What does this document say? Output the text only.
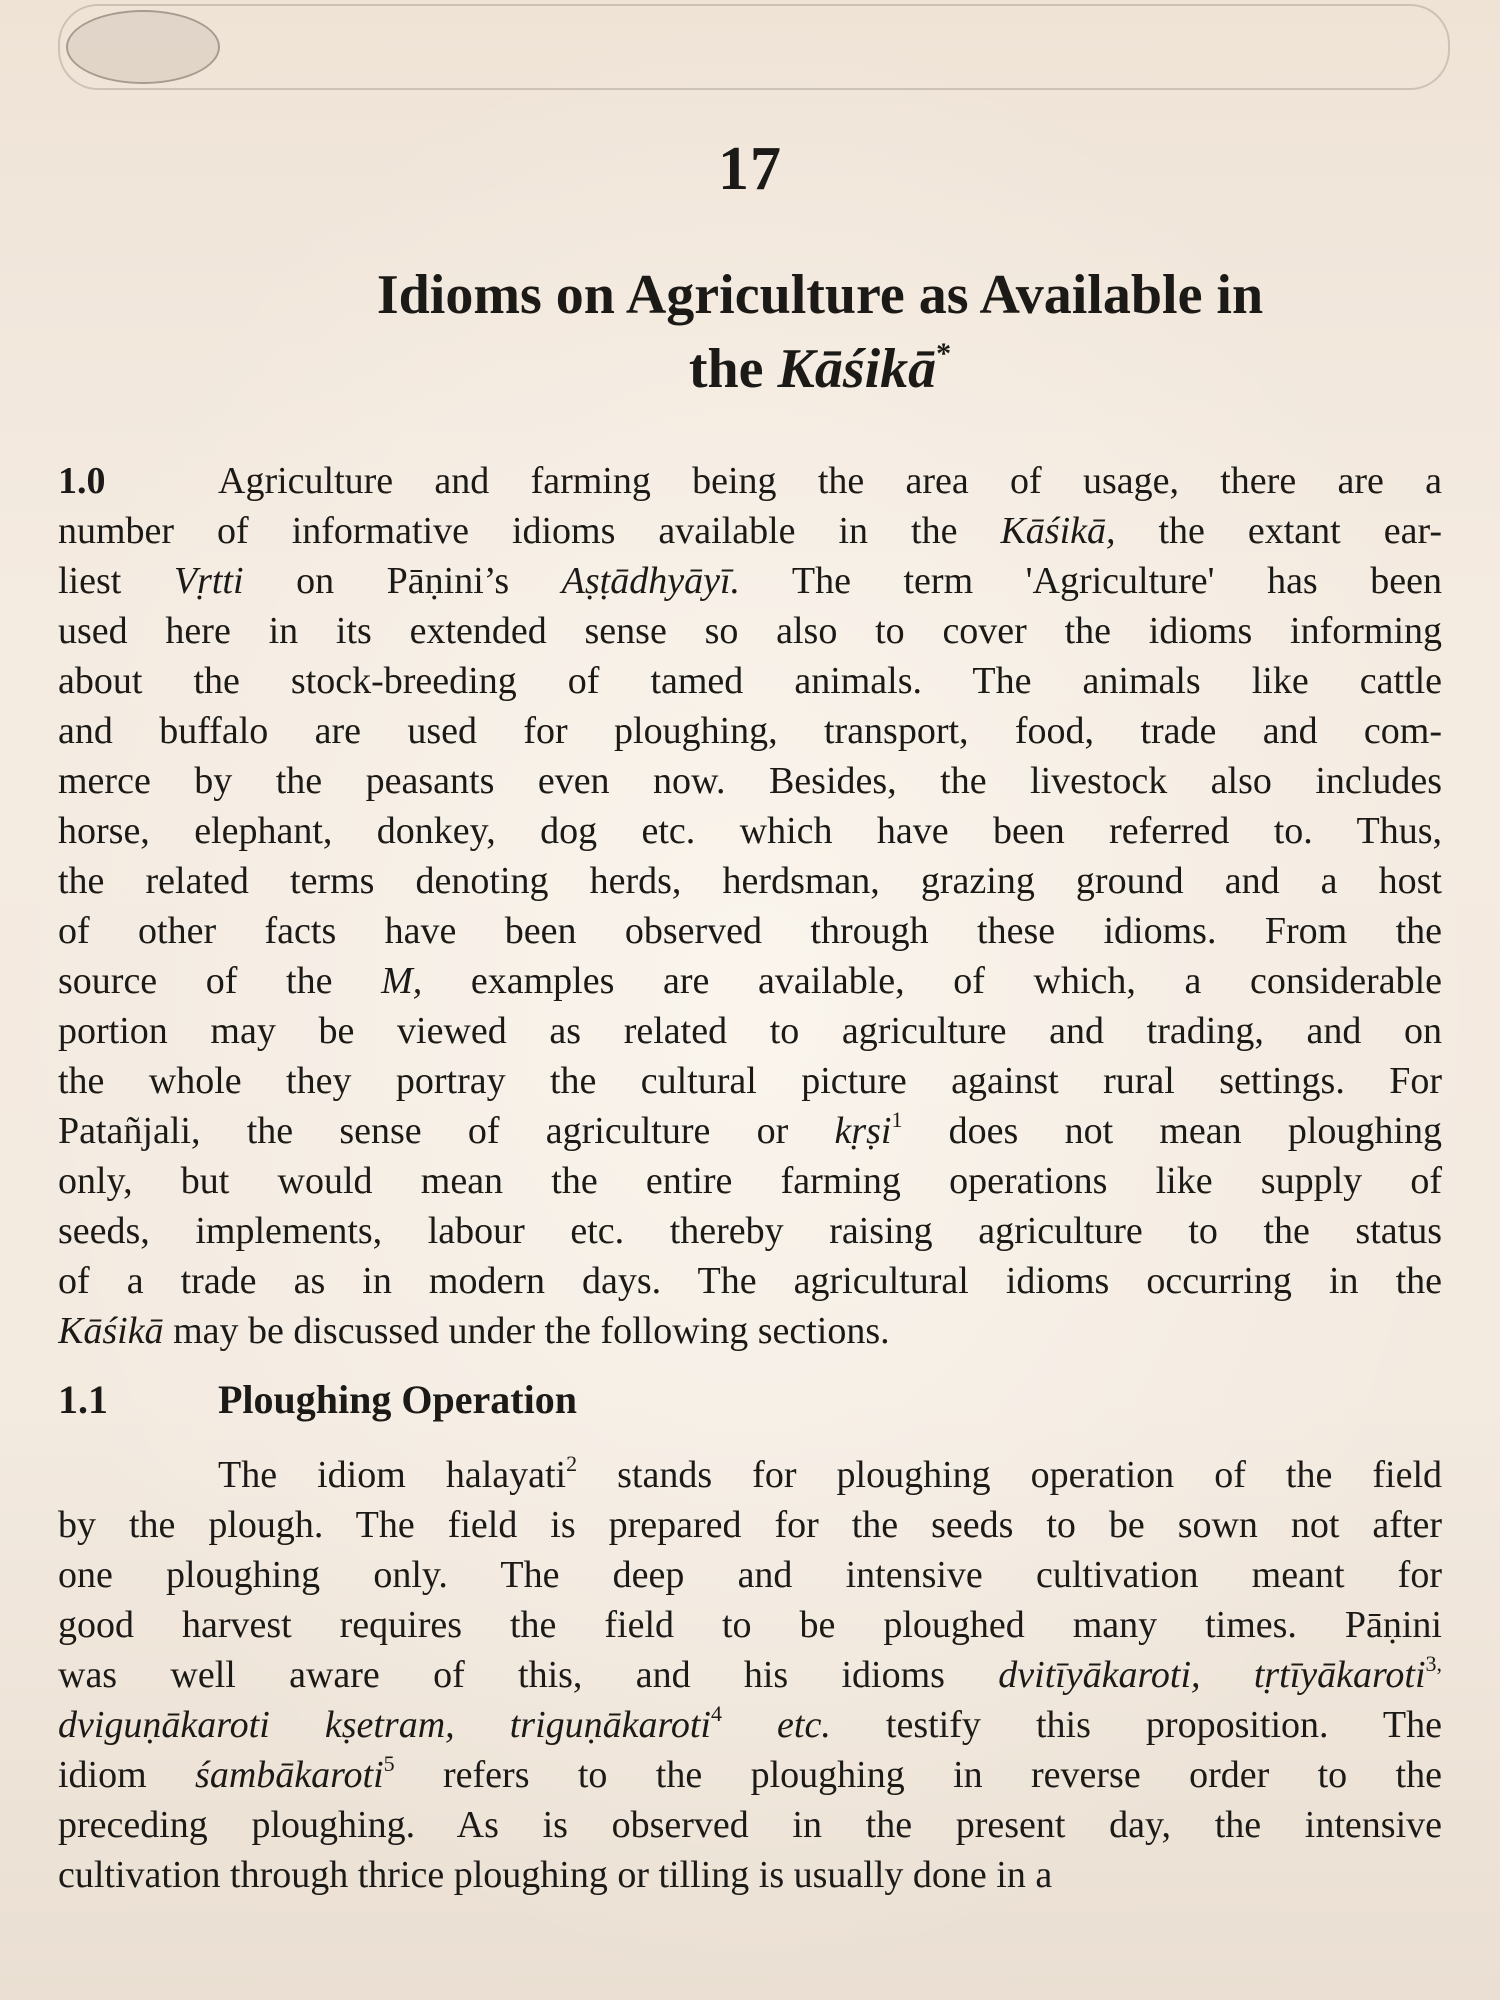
17
Idioms on Agriculture as Available in
the Kāśikā*
1.0	Agriculture and farming being the area of usage, there are a
number of informative idioms available in the Kāśikā, the extant ear-
liest Vṛtti on Pāṇini’s Aṣṭādhyāyī. The term 'Agriculture' has been
used here in its extended sense so also to cover the idioms informing
about the stock-breeding of tamed animals. The animals like cattle
and buffalo are used for ploughing, transport, food, trade and com-
merce by the peasants even now. Besides, the livestock also includes
horse, elephant, donkey, dog etc. which have been referred to. Thus,
the related terms denoting herds, herdsman, grazing ground and a host
of other facts have been observed through these idioms. From the
source of the M, examples are available, of which, a considerable
portion may be viewed as related to agriculture and trading, and on
the whole they portray the cultural picture against rural settings. For
Patañjali, the sense of agriculture or kṛṣi$^1$ does not mean ploughing
only, but would mean the entire farming operations like supply of
seeds, implements, labour etc. thereby raising agriculture to the status
of a trade as in modern days. The agricultural idioms occurring in the
Kāśikā may be discussed under the following sections.
1.1	Ploughing Operation
The idiom halayati$^2$ stands for ploughing operation of the field
by the plough. The field is prepared for the seeds to be sown not after
one ploughing only. The deep and intensive cultivation meant for
good harvest requires the field to be ploughed many times. Pāṇini
was well aware of this, and his idioms dvitīyākaroti, tṛtīyākaroti$^{3,}$
dviguṇākaroti kṣetram, triguṇākaroti$^4$ etc. testify this proposition. The
idiom śambākaroti$^5$ refers to the ploughing in reverse order to the
preceding ploughing. As is observed in the present day, the intensive
cultivation through thrice ploughing or tilling is usually done in a
